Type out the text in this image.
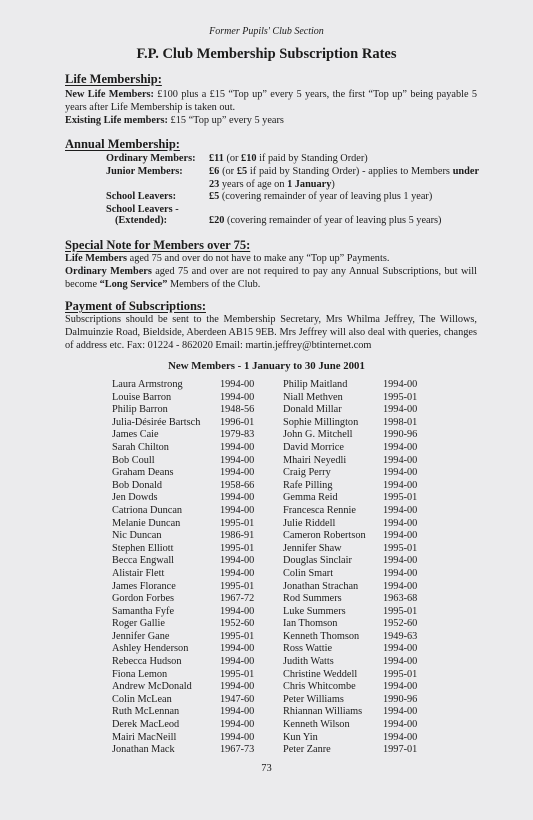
Former Pupils' Club Section
F.P. Club Membership Subscription Rates
Life Membership:
New Life Members: £100 plus a £15 “Top up” every 5 years, the first “Top up” being payable 5 years after Life Membership is taken out.
Existing Life members: £15 “Top up” every 5 years
Annual Membership:
Ordinary Members: £11 (or £10 if paid by Standing Order)
Junior Members:	£6 (or £5 if paid by Standing Order) - applies to Members under 23 years of age on 1 January)
School Leavers:	£5 (covering remainder of year of leaving plus 1 year)
School Leavers -
(Extended):	£20 (covering remainder of year of leaving plus 5 years)
Special Note for Members over 75:
Life Members aged 75 and over do not have to make any “Top up” Payments.
Ordinary Members aged 75 and over are not required to pay any Annual Subscriptions, but will become “Long Service” Members of the Club.
Payment of Subscriptions:
Subscriptions should be sent to the Membership Secretary, Mrs Whilma Jeffrey, The Willows, Dalmuinzie Road, Bieldside, Aberdeen AB15 9EB. Mrs Jeffrey will also deal with queries, changes of address etc. Fax: 01224 - 862020 Email: martin.jeffrey@btinternet.com
New Members - 1 January to 30 June 2001
Laura Armstrong	1994-00
Louise Barron	1994-00
Philip Barron	1948-56
Julia-Désirée Bartsch 1996-01
James Caie	1979-83
Sarah Chilton	1994-00
Bob Coull	1994-00
Graham Deans	1994-00
Bob Donald	1958-66
Jen Dowds	1994-00
Catriona Duncan	1994-00
Melanie Duncan	1995-01
Nic Duncan	1986-91
Stephen Elliott	1995-01
Becca Engwall	1994-00
Alistair Flett	1994-00
James Florance	1995-01
Gordon Forbes	1967-72
Samantha Fyfe	1994-00
Roger Gallie	1952-60
Jennifer Gane	1995-01
Ashley Henderson	1994-00
Rebecca Hudson	1994-00
Fiona Lemon	1995-01
Andrew McDonald	1994-00
Colin McLean	1947-60
Ruth McLennan	1994-00
Derek MacLeod	1994-00
Mairi MacNeill	1994-00
Jonathan Mack	1967-73
Philip Maitland	1994-00
Niall Methven	1995-01
Donald Millar	1994-00
Sophie Millington 1998-01
John G. Mitchell	1990-96
David Morrice	1994-00
Mhairi Neyedli	1994-00
Craig Perry	1994-00
Rafe Pilling	1994-00
Gemma Reid	1995-01
Francesca Rennie	1994-00
Julie Riddell	1994-00
Cameron Robertson 1994-00
Jennifer Shaw	1995-01
Douglas Sinclair	1994-00
Colin Smart	1994-00
Jonathan Strachan 1994-00
Rod Summers	1963-68
Luke Summers	1995-01
Ian Thomson	1952-60
Kenneth Thomson 1949-63
Ross Wattie	1994-00
Judith Watts	1994-00
Christine Weddell	1995-01
Chris Whitcombe	1994-00
Peter Williams	1990-96
Rhiannan Williams 1994-00
Kenneth Wilson	1994-00
Kun Yin	1994-00
Peter Zanre	1997-01
73
